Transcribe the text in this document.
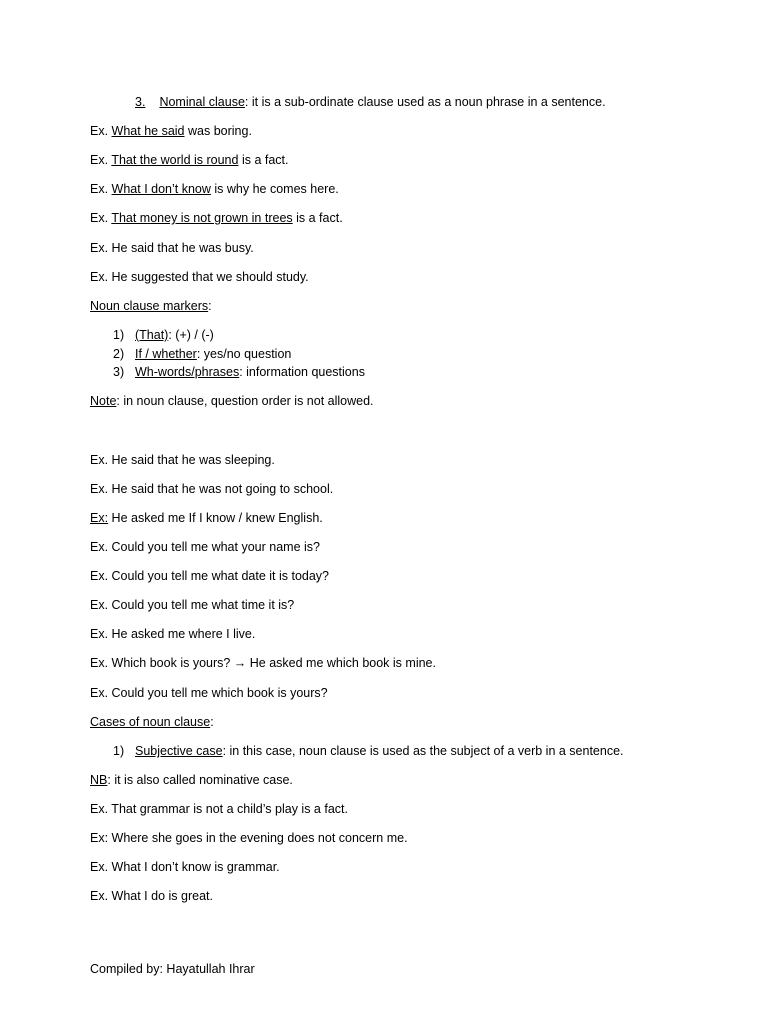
3. Nominal clause: it is a sub-ordinate clause used as a noun phrase in a sentence.
Ex. What he said was boring.
Ex. That the world is round is a fact.
Ex. What I don’t know is why he comes here.
Ex. That money is not grown in trees is a fact.
Ex. He said that he was busy.
Ex. He suggested that we should study.
Noun clause markers:
1) (That): (+) / (-)
2) If / whether: yes/no question
3) Wh-words/phrases: information questions
Note: in noun clause, question order is not allowed.
Ex. He said that he was sleeping.
Ex. He said that he was not going to school.
Ex: He asked me If I know / knew English.
Ex. Could you tell me what your name is?
Ex. Could you tell me what date it is today?
Ex. Could you tell me what time it is?
Ex. He asked me where I live.
Ex. Which book is yours? → He asked me which book is mine.
Ex. Could you tell me which book is yours?
Cases of noun clause:
1) Subjective case: in this case, noun clause is used as the subject of a verb in a sentence.
NB: it is also called nominative case.
Ex. That grammar is not a child’s play is a fact.
Ex: Where she goes in the evening does not concern me.
Ex. What I don’t know is grammar.
Ex. What I do is great.
Compiled by: Hayatullah Ihrar
